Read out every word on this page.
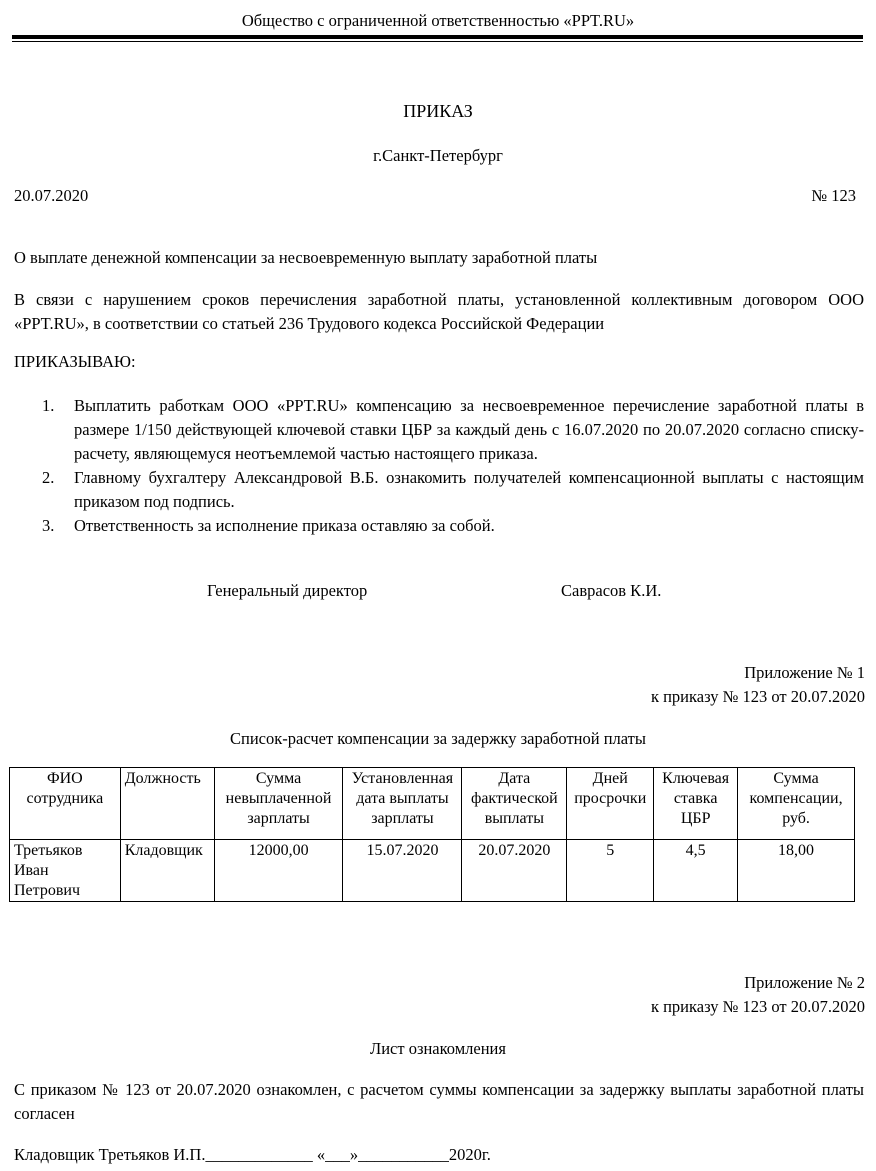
Общество с ограниченной ответственностью «PPT.RU»
ПРИКАЗ
г.Санкт-Петербург
20.07.2020	№ 123
О выплате денежной компенсации за несвоевременную выплату заработной платы
В связи с нарушением сроков перечисления заработной платы, установленной коллективным договором ООО «PPT.RU», в соответствии со статьей 236 Трудового кодекса Российской Федерации
ПРИКАЗЫВАЮ:
1. Выплатить работкам ООО «PPT.RU» компенсацию за несвоевременное перечисление заработной платы в размере 1/150 действующей ключевой ставки ЦБР за каждый день с 16.07.2020 по 20.07.2020 согласно списку-расчету, являющемуся неотъемлемой частью настоящего приказа.
2. Главному бухгалтеру Александровой В.Б. ознакомить получателей компенсационной выплаты с настоящим приказом под подпись.
3. Ответственность за исполнение приказа оставляю за собой.
Генеральный директор	Саврасов К.И.
Приложение № 1
к приказу № 123 от 20.07.2020
Список-расчет компенсации за задержку заработной платы
ФИО сотрудника	Должность	Сумма невыплаченной зарплаты	Установленная дата выплаты зарплаты	Дата фактической выплаты	Дней просрочки	Ключевая ставка ЦБР	Сумма компенсации, руб.
Третьяков Иван Петрович	Кладовщик	12000,00	15.07.2020	20.07.2020	5	4,5	18,00
Приложение № 2
к приказу № 123 от 20.07.2020
Лист ознакомления
С приказом № 123 от 20.07.2020 ознакомлен, с расчетом суммы компенсации за задержку выплаты заработной платы согласен
Кладовщик Третьяков И.П._____________ «___»___________2020г.
